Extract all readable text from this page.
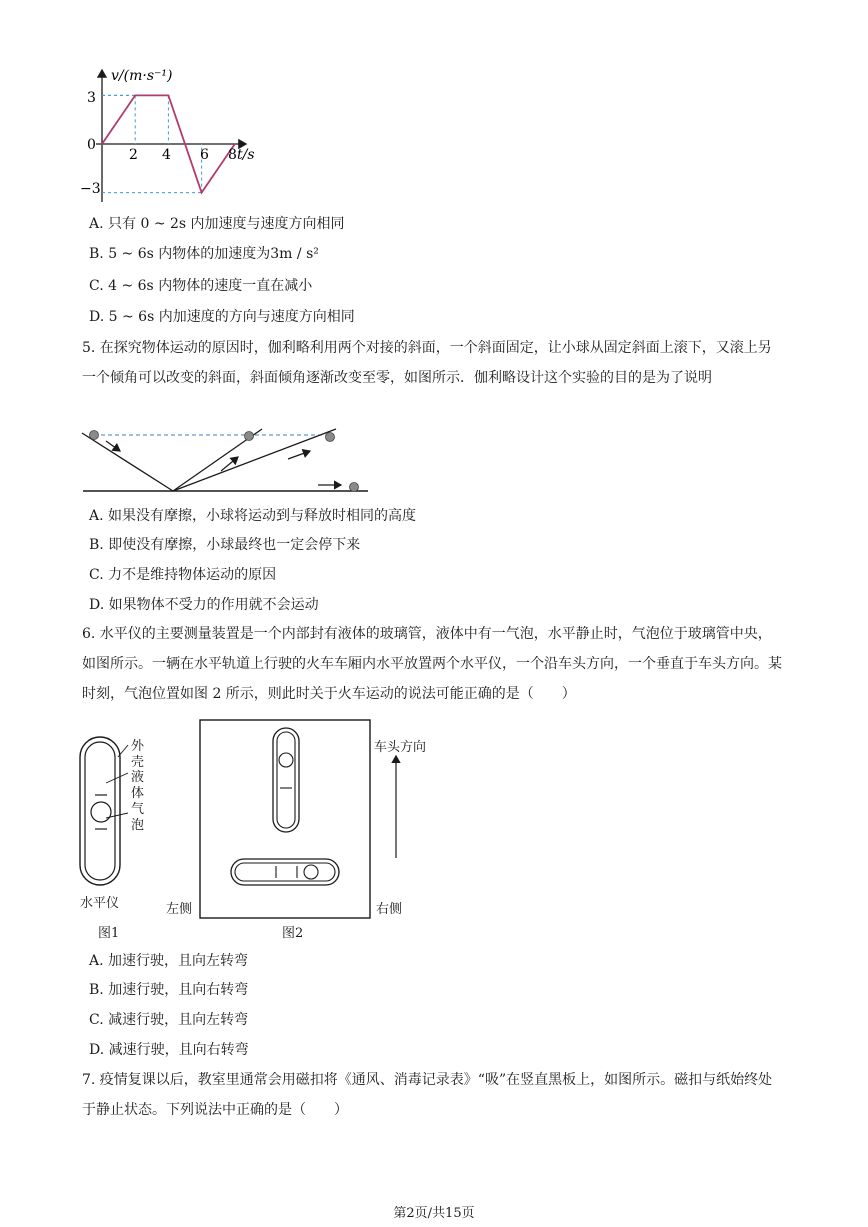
3
0
−3
2 4 6 8
v/(m·s⁻¹)
t/s
A. 只有 0 ~ 2s 内加速度与速度方向相同
B. 5 ~ 6s 内物体的加速度为3m / s²
C. 4 ~ 6s 内物体的速度一直在减小
D. 5 ~ 6s 内加速度的方向与速度方向相同
5. 在探究物体运动的原因时，伽利略利用两个对接的斜面，一个斜面固定，让小球从固定斜面上滚下，又滚上另一个倾角可以改变的斜面，斜面倾角逐渐改变至零，如图所示．伽利略设计这个实验的目的是为了说明
A. 如果没有摩擦，小球将运动到与释放时相同的高度
B. 即使没有摩擦，小球最终也一定会停下来
C. 力不是维持物体运动的原因
D. 如果物体不受力的作用就不会运动
6. 水平仪的主要测量装置是一个内部封有液体的玻璃管，液体中有一气泡，水平静止时，气泡位于玻璃管中央，如图所示。一辆在水平轨道上行驶的火车车厢内水平放置两个水平仪，一个沿车头方向，一个垂直于车头方向。某时刻，气泡位置如图 2 所示，则此时关于火车运动的说法可能正确的是（　　）
外
壳
液
体
气
泡
水平仪
图1
车头方向
左侧	右侧
图2
A. 加速行驶，且向左转弯
B. 加速行驶，且向右转弯
C. 减速行驶，且向左转弯
D. 减速行驶，且向右转弯
7. 疫情复课以后，教室里通常会用磁扣将《通风、消毒记录表》“吸”在竖直黑板上，如图所示。磁扣与纸始终处于静止状态。下列说法中正确的是（　　）
第2页/共15页
